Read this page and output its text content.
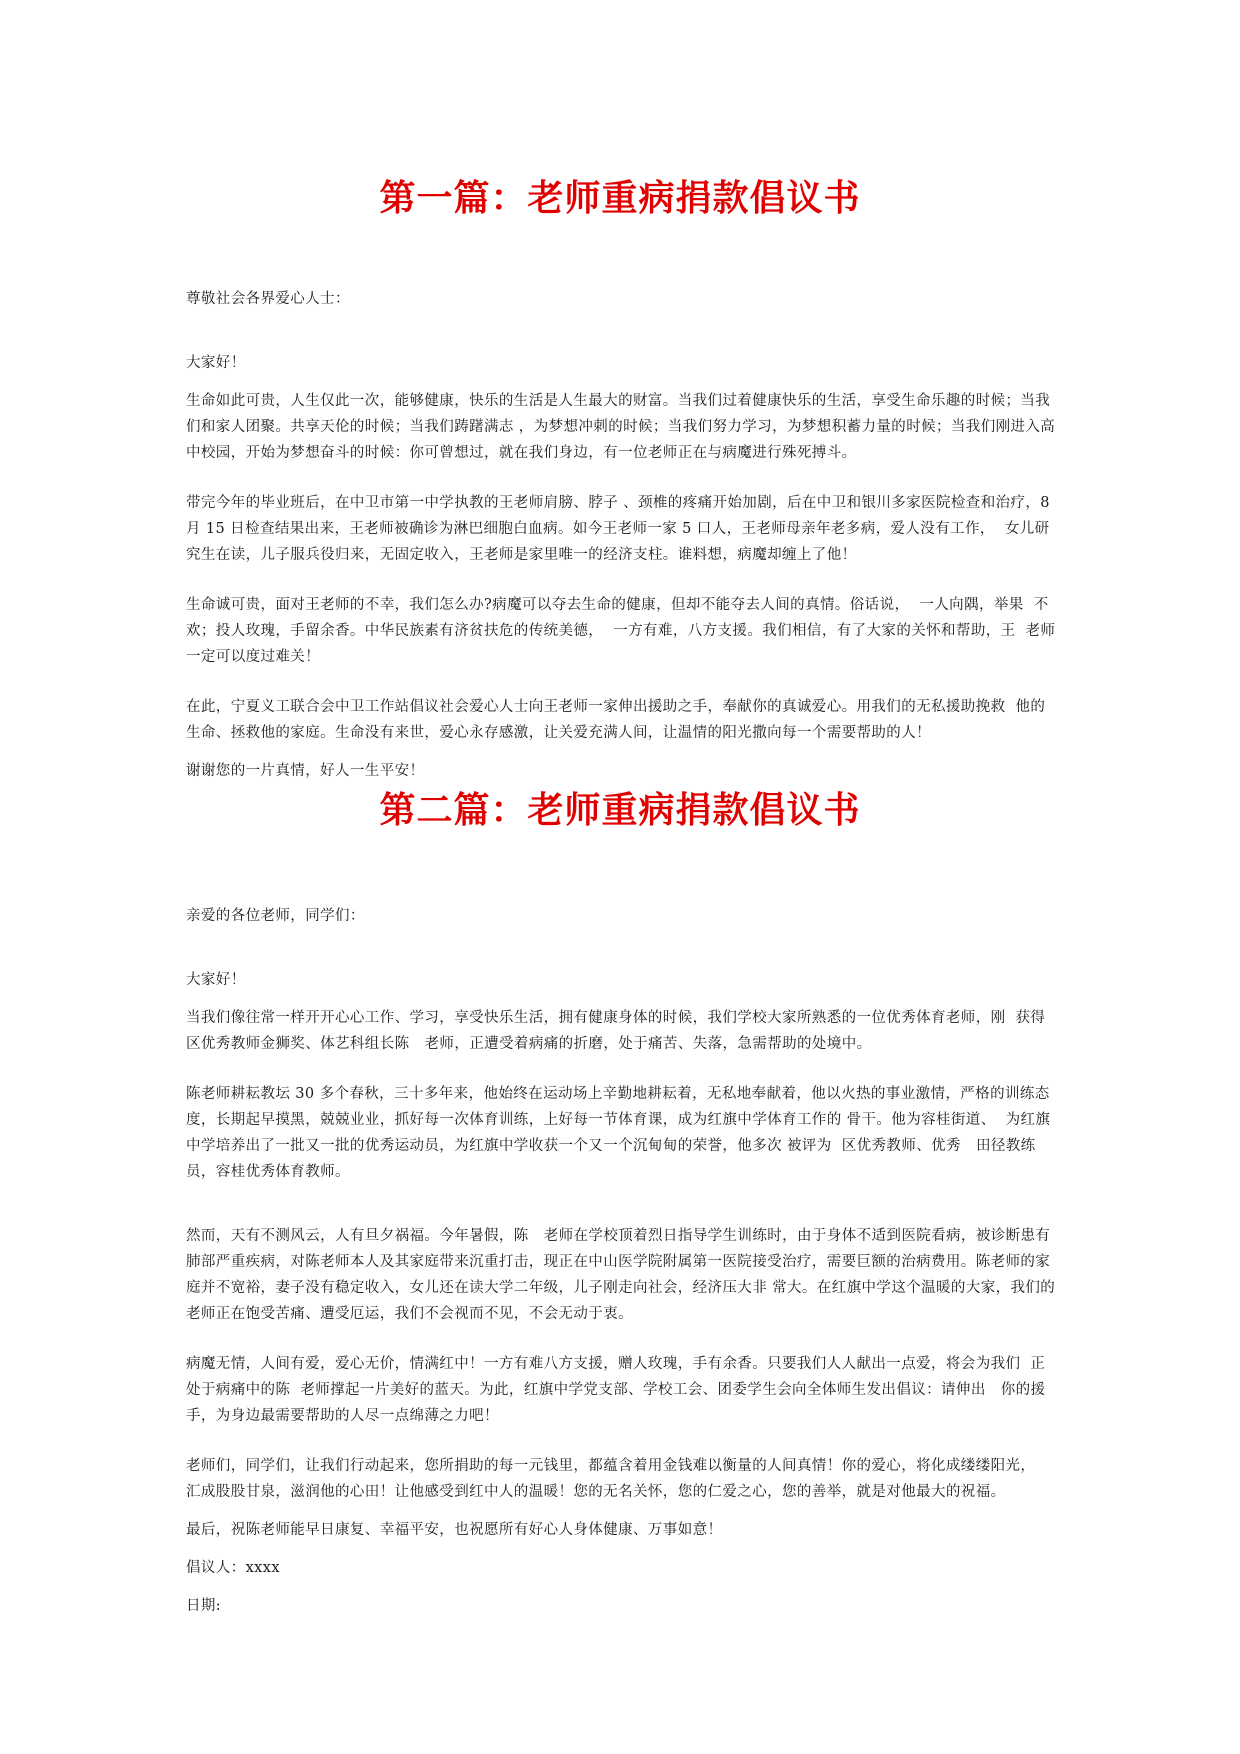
第一篇：老师重病捐款倡议书

尊敬社会各界爱心人士：

大家好！

生命如此可贵，人生仅此一次，能够健康，快乐的生活是人生最大的财富。当我们过着健康快乐的生活，享受生命乐趣的时候；当我们和家人团聚。共享天伦的时候；当我们踌躇满志 ，为梦想冲刺的时候；当我们努力学习，为梦想积蓄力量的时候；当我们刚进入高中校园，开始为梦想奋斗的时候：你可曾想过，就在我们身边，有一位老师正在与病魔进行殊死搏斗。

带完今年的毕业班后，在中卫市第一中学执教的王老师肩膀、脖子 、颈椎的疼痛开始加剧，后在中卫和银川多家医院检查和治疗，8 月 15 日检查结果出来，王老师被确诊为淋巴细胞白血病。如今王老师一家 5 口人，王老师母亲年老多病，爱人没有工作，  女儿研究生在读，儿子服兵役归来，无固定收入，王老师是家里唯一的经济支柱。谁料想，病魔却缠上了他！

生命诚可贵，面对王老师的不幸，我们怎么办?病魔可以夺去生命的健康，但却不能夺去人间的真情。俗话说，  一人向隅，举果  不欢；投人玫瑰，手留余香。中华民族素有济贫扶危的传统美德，  一方有难，八方支援。我们相信，有了大家的关怀和帮助，王  老师一定可以度过难关！

在此，宁夏义工联合会中卫工作站倡议社会爱心人士向王老师一家伸出援助之手，奉献你的真诚爱心。用我们的无私援助挽救  他的生命、拯救他的家庭。生命没有来世，爱心永存感激，让关爱充满人间，让温情的阳光撒向每一个需要帮助的人！

谢谢您的一片真情，好人一生平安！

第二篇：老师重病捐款倡议书

亲爱的各位老师，同学们：

大家好！

当我们像往常一样开开心心工作、学习，享受快乐生活，拥有健康身体的时候，我们学校大家所熟悉的一位优秀体育老师，刚  获得  区优秀教师金狮奖、体艺科组长陈   老师，正遭受着病痛的折磨，处于痛苦、失落，急需帮助的处境中。

陈老师耕耘教坛 30 多个春秋，三十多年来，他始终在运动场上辛勤地耕耘着，无私地奉献着，他以火热的事业激情，严格的训练态度，长期起早摸黑，兢兢业业，抓好每一次体育训练，上好每一节体育课，成为红旗中学体育工作的 骨干。他为容桂街道、  为红旗中学培养出了一批又一批的优秀运动员，为红旗中学收获一个又一个沉甸甸的荣誉，他多次 被评为  区优秀教师、优秀   田径教练员，容桂优秀体育教师。

然而，天有不测风云，人有旦夕祸福。今年暑假，陈   老师在学校顶着烈日指导学生训练时，由于身体不适到医院看病，被诊断患有肺部严重疾病，对陈老师本人及其家庭带来沉重打击，现正在中山医学院附属第一医院接受治疗，需要巨额的治病费用。陈老师的家庭并不宽裕，妻子没有稳定收入，女儿还在读大学二年级，儿子刚走向社会，经济压大非 常大。在红旗中学这个温暖的大家，我们的老师正在饱受苦痛、遭受厄运，我们不会视而不见，不会无动于衷。

病魔无情，人间有爱，爱心无价，情满红中！一方有难八方支援，赠人玫瑰，手有余香。只要我们人人献出一点爱，将会为我们  正处于病痛中的陈  老师撑起一片美好的蓝天。为此，红旗中学党支部、学校工会、团委学生会向全体师生发出倡议：请伸出   你的援手，为身边最需要帮助的人尽一点绵薄之力吧！

老师们，同学们，让我们行动起来，您所捐助的每一元钱里，都蕴含着用金钱难以衡量的人间真情！你的爱心，将化成缕缕阳光，  汇成股股甘泉，滋润他的心田！让他感受到红中人的温暖！您的无名关怀，您的仁爱之心，您的善举，就是对他最大的祝福。

最后，祝陈老师能早日康复、幸福平安，也祝愿所有好心人身体健康、万事如意！

倡议人：xxxx

日期:
